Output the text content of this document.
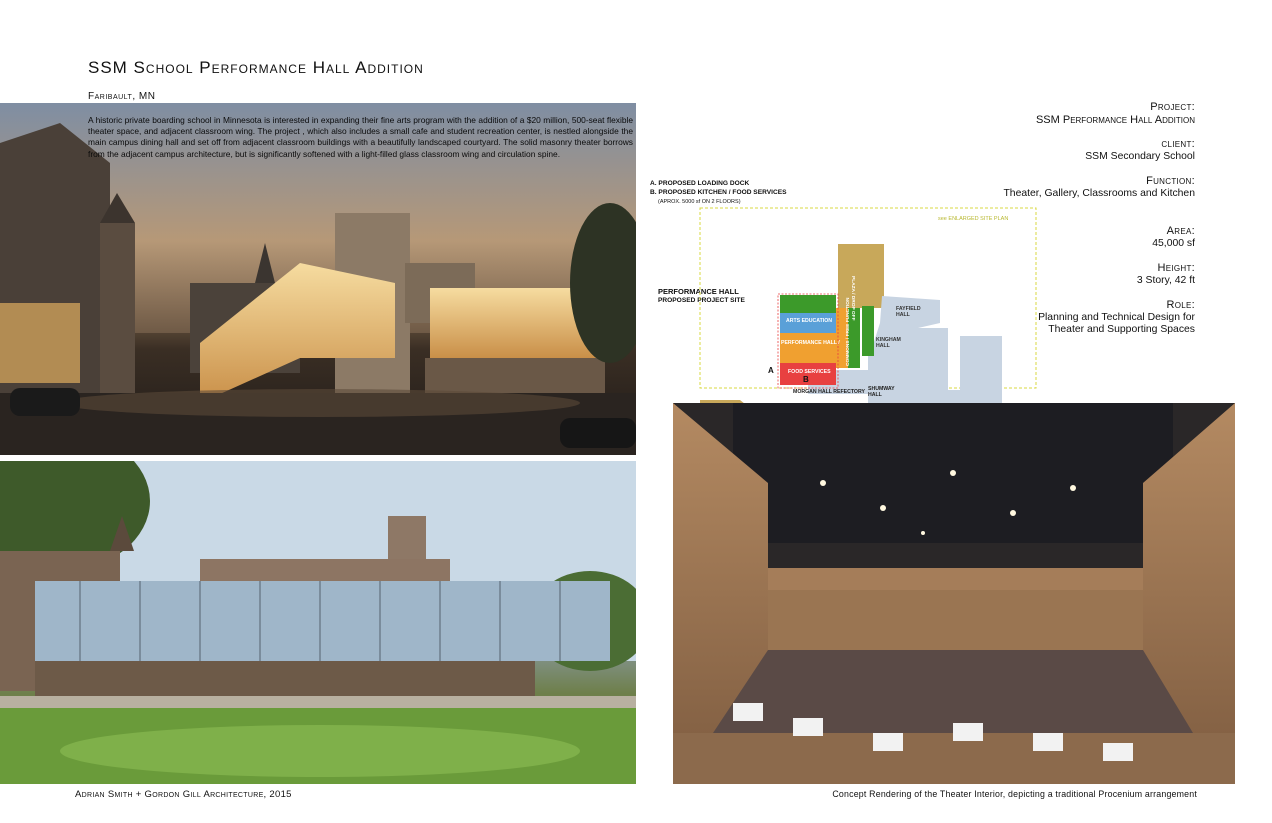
SSM School Performance Hall Addition
Faribault, MN
A historic private boarding school in Minnesota is interested in expanding their fine arts program with the addition of a $20 million, 500-seat flexible theater space, and adjacent classroom wing. The project , which also includes a small cafe and student recreation center, is nestled alongside the main campus dining hall and set off from adjacent classroom buildings with a beautifully landscaped courtyard. The solid masonry theater borrows from the adjacent campus architecture, but is significantly softened with a light-filled glass classroom wing and circulation spine.
A. PROPOSED LOADING DOCK
B. PROPOSED KITCHEN / FOOD SERVICES
(APROX. 5000 sf ON 2 FLOORS)
PERFORMANCE HALL
PROPOSED PROJECT SITE
see ENLARGED SITE PLAN
ARTS EDUCATION
PERFORMANCE HALL /
FOOD SERVICES
COMMONS / FREE FUNCTION PLAZA / DROP OFF
KINGHAM HALL
FAYFIELD HALL
MORGAN HALL REFECTORY SHUMWAY HALL
A
B
Project:
SSM Performance Hall Addition
client:
SSM Secondary School
Function:
Theater, Gallery, Classrooms and Kitchen
Area:
45,000 sf
Height:
3 Story, 42 ft
Role:
Planning and Technical Design for Theater and Supporting Spaces
Adrian Smith + Gordon Gill Architecture, 2015	Concept Rendering of the Theater Interior, depicting a traditional Procenium arrangement
